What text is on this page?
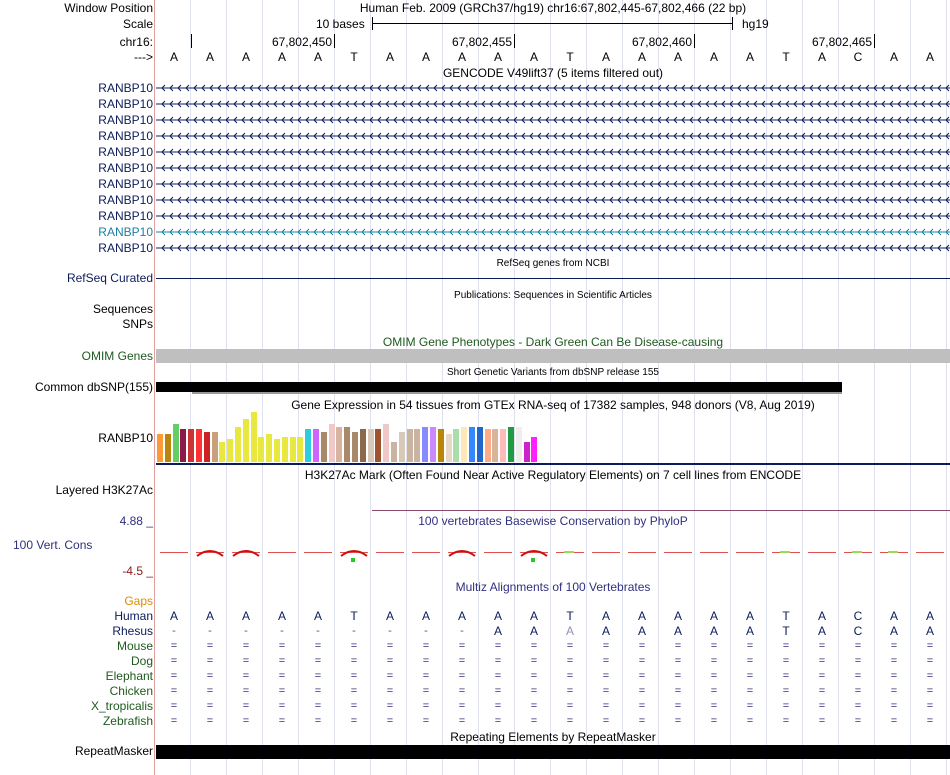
Window Position	Human Feb. 2009 (GRCh37/hg19) chr16:67,802,445-67,802,466 (22 bp)
Scale	10 bases	hg19
chr16:
--->
GENCODE V49lift37 (5 items filtered out)
RefSeq genes from NCBI
RefSeq Curated
Publications: Sequences in Scientific Articles
Sequences
SNPs
OMIM Gene Phenotypes - Dark Green Can Be Disease-causing
OMIM Genes
Short Genetic Variants from dbSNP release 155
Common dbSNP(155)
Gene Expression in 54 tissues from GTEx RNA-seq of 17382 samples, 948 donors (V8, Aug 2019)
RANBP10
H3K27Ac Mark (Often Found Near Active Regulatory Elements) on 7 cell lines from ENCODE
Layered H3K27Ac
100 vertebrates Basewise Conservation by PhyloP
4.88 _
100 Vert. Cons
-4.5 _
Multiz Alignments of 100 Vertebrates
Gaps
Repeating Elements by RepeatMasker
RepeatMasker
67,802,450	67,802,455	67,802,460	67,802,465
A	A	A	A	A	T	A	A	A	A	A	T	A	A	A	A	A	T	A	C	A	A
RANBP10
RANBP10
RANBP10
RANBP10
RANBP10
RANBP10
RANBP10
RANBP10
RANBP10
RANBP10
RANBP10
Human	A	A	A	A	A	T	A	A	A	A	A	T	A	A	A	A	A	T	A	C	A	A
Rhesus	-	-	-	-	-	-	-	-	-	A	A	A	A	A	A	A	A	T	A	C	A	A
Mouse	=	=	=	=	=	=	=	=	=	=	=	=	=	=	=	=	=	=	=	=	=	=
Dog	=	=	=	=	=	=	=	=	=	=	=	=	=	=	=	=	=	=	=	=	=	=
Elephant	=	=	=	=	=	=	=	=	=	=	=	=	=	=	=	=	=	=	=	=	=	=
Chicken	=	=	=	=	=	=	=	=	=	=	=	=	=	=	=	=	=	=	=	=	=	=
X_tropicalis	=	=	=	=	=	=	=	=	=	=	=	=	=	=	=	=	=	=	=	=	=	=
Zebrafish	=	=	=	=	=	=	=	=	=	=	=	=	=	=	=	=	=	=	=	=	=	=
